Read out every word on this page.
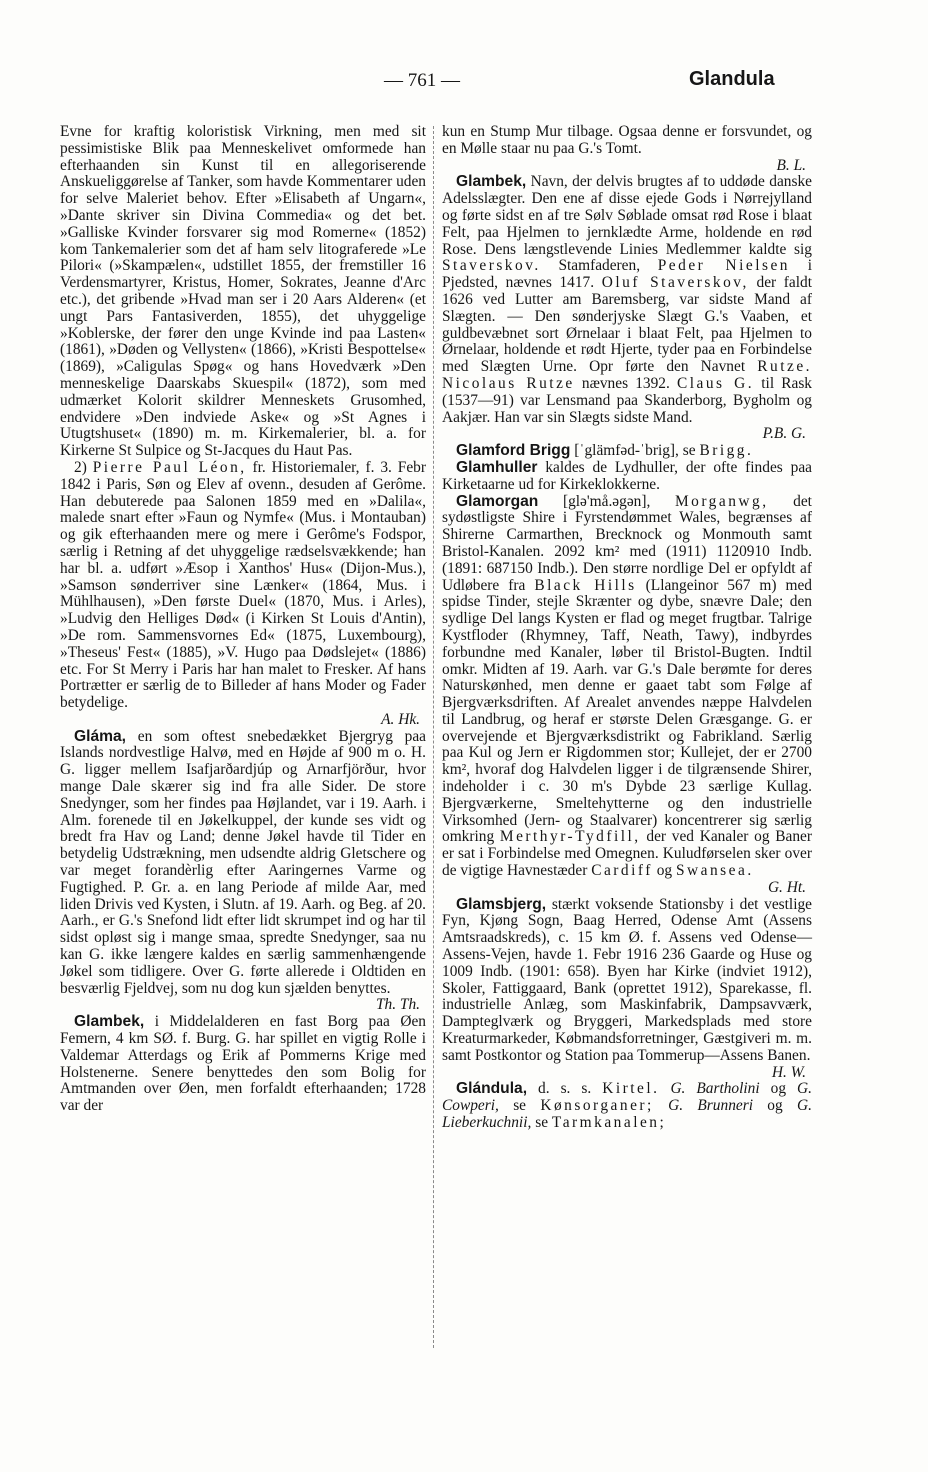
— 761 —	Glandula

Evne for kraftig koloristisk Virkning, men med sit pessimistiske Blik paa Menneskelivet omformede han efterhaanden sin Kunst til en allegoriserende Anskueliggørelse af Tanker, som havde Kommentarer uden for selve Maleriet behov. Efter »Elisabeth af Ungarn«, »Dante skriver sin Divina Commedia« og det bet. »Galliske Kvinder forsvarer sig mod Romerne« (1852) kom Tankemalerier som det af ham selv litograferede »Le Pilori« (»Skampælen«, udstillet 1855, der fremstiller 16 Verdensmartyrer, Kristus, Homer, Sokrates, Jeanne d'Arc etc.), det gribende »Hvad man ser i 20 Aars Alderen« (et ungt Pars Fantasiverden, 1855), det uhyggelige »Koblerske, der fører den unge Kvinde ind paa Lasten« (1861), »Døden og Vellysten« (1866), »Kristi Bespottelse« (1869), »Caligulas Spøg« og hans Hovedværk »Den menneskelige Daarskabs Skuespil« (1872), som med udmærket Kolorit skildrer Menneskets Grusomhed, endvidere »Den indviede Aske« og »St Agnes i Utugtshuset« (1890) m. m. Kirkemalerier, bl. a. for Kirkerne St Sulpice og St-Jacques du Haut Pas.

2) Pierre Paul Léon, fr. Historiemaler, f. 3. Febr 1842 i Paris, Søn og Elev af ovenn., desuden af Gerôme. Han debuterede paa Salonen 1859 med en »Dalila«, malede snart efter »Faun og Nymfe« (Mus. i Montauban) og gik efterhaanden mere og mere i Gerôme's Fodspor, særlig i Retning af det uhyggelige rædselsvækkende; han har bl. a. udført »Æsop i Xanthos' Hus« (Dijon-Mus.), »Samson sønderriver sine Lænker« (1864, Mus. i Mühlhausen), »Den første Duel« (1870, Mus. i Arles), »Ludvig den Helliges Død« (i Kirken St Louis d'Antin), »De rom. Sammensvornes Ed« (1875, Luxembourg), »Theseus' Fest« (1885), »V. Hugo paa Dødslejet« (1886) etc. For St Merry i Paris har han malet to Fresker. Af hans Portrætter er særlig de to Billeder af hans Moder og Fader betydelige.
A. Hk.

Gláma, en som oftest snebedækket Bjergryg paa Islands nordvestlige Halvø, med en Højde af 900 m o. H. G. ligger mellem Isafjarðardjúp og Arnarfjörður, hvor mange Dale skærer sig ind fra alle Sider. De store Snedynger, som her findes paa Højlandet, var i 19. Aarh. i Alm. forenede til en Jøkelkuppel, der kunde ses vidt og bredt fra Hav og Land; denne Jøkel havde til Tider en betydelig Udstrækning, men udsendte aldrig Gletschere og var meget forandèrlig efter Aaringernes Varme og Fugtighed. P. Gr. a. en lang Periode af milde Aar, med liden Drivis ved Kysten, i Slutn. af 19. Aarh. og Beg. af 20. Aarh., er G.'s Snefond lidt efter lidt skrumpet ind og har til sidst opløst sig i mange smaa, spredte Snedynger, saa nu kan G. ikke længere kaldes en særlig sammenhængende Jøkel som tidligere. Over G. førte allerede i Oldtiden en besværlig Fjeldvej, som nu dog kun sjælden benyttes.
Th. Th.

Glambek, i Middelalderen en fast Borg paa Øen Femern, 4 km SØ. f. Burg. G. har spillet en vigtig Rolle i Valdemar Atterdags og Erik af Pommerns Krige med Holstenerne. Senere benyttedes den som Bolig for Amtmanden over Øen, men forfaldt efterhaanden; 1728 var der

kun en Stump Mur tilbage. Ogsaa denne er forsvundet, og en Mølle staar nu paa G.'s Tomt.
B. L.

Glambek, Navn, der delvis brugtes af to uddøde danske Adelsslægter. Den ene af disse ejede Gods i Nørrejylland og førte sidst en af tre Sølv Søblade omsat rød Rose i blaat Felt, paa Hjelmen to jernklædte Arme, holdende en rød Rose. Dens længstlevende Linies Medlemmer kaldte sig Staverskov. Stamfaderen, Peder Nielsen i Pjedsted, nævnes 1417. Oluf Staverskov, der faldt 1626 ved Lutter am Baremsberg, var sidste Mand af Slægten. — Den sønderjyske Slægt G.'s Vaaben, et guldbevæbnet sort Ørnelaar i blaat Felt, paa Hjelmen to Ørnelaar, holdende et rødt Hjerte, tyder paa en Forbindelse med Slægten Urne. Opr førte den Navnet Rutze. Nicolaus Rutze nævnes 1392. Claus G. til Rask (1537—91) var Lensmand paa Skanderborg, Bygholm og Aakjær. Han var sin Slægts sidste Mand.
P.B. G.

Glamford Brigg [ˈglämfəd-ˈbrig], se Brigg.

Glamhuller kaldes de Lydhuller, der ofte findes paa Kirketaarne ud for Kirkeklokkerne.

Glamorgan [glə'må.əgən], Morganwg, det sydøstligste Shire i Fyrstendømmet Wales, begrænses af Shirerne Carmarthen, Brecknock og Monmouth samt Bristol-Kanalen. 2092 km² med (1911) 1120910 Indb. (1891: 687150 Indb.). Den større nordlige Del er opfyldt af Udløbere fra Black Hills (Llangeinor 567 m) med spidse Tinder, stejle Skrænter og dybe, snævre Dale; den sydlige Del langs Kysten er flad og meget frugtbar. Talrige Kystfloder (Rhymney, Taff, Neath, Tawy), indbyrdes forbundne med Kanaler, løber til Bristol-Bugten. Indtil omkr. Midten af 19. Aarh. var G.'s Dale berømte for deres Naturskønhed, men denne er gaaet tabt som Følge af Bjergværksdriften. Af Arealet anvendes næppe Halvdelen til Landbrug, og heraf er største Delen Græsgange. G. er overvejende et Bjergværksdistrikt og Fabrikland. Særlig paa Kul og Jern er Rigdommen stor; Kullejet, der er 2700 km², hvoraf dog Halvdelen ligger i de tilgrænsende Shirer, indeholder i c. 30 m's Dybde 23 særlige Kullag. Bjergværkerne, Smeltehytterne og den industrielle Virksomhed (Jern- og Staalvarer) koncentrerer sig særlig omkring Merthyr-Tydfill, der ved Kanaler og Baner er sat i Forbindelse med Omegnen. Kuludførselen sker over de vigtige Havnestæder Cardiff og Swansea.
G. Ht.

Glamsbjerg, stærkt voksende Stationsby i det vestlige Fyn, Kjøng Sogn, Baag Herred, Odense Amt (Assens Amtsraadskreds), c. 15 km Ø. f. Assens ved Odense—Assens-Vejen, havde 1. Febr 1916 236 Gaarde og Huse og 1009 Indb. (1901: 658). Byen har Kirke (indviet 1912), Skoler, Fattiggaard, Bank (oprettet 1912), Sparekasse, fl. industrielle Anlæg, som Maskinfabrik, Dampsavværk, Dampteglværk og Bryggeri, Markedsplads med store Kreaturmarkeder, Købmandsforretninger, Gæstgiveri m. m. samt Postkontor og Station paa Tommerup—Assens Banen.
H. W.

Glándula, d. s. s. Kirtel. G. Bartholini og G. Cowperi, se Kønsorganer; G. Brunneri og G. Lieberkuchnii, se Tarmkanalen;
